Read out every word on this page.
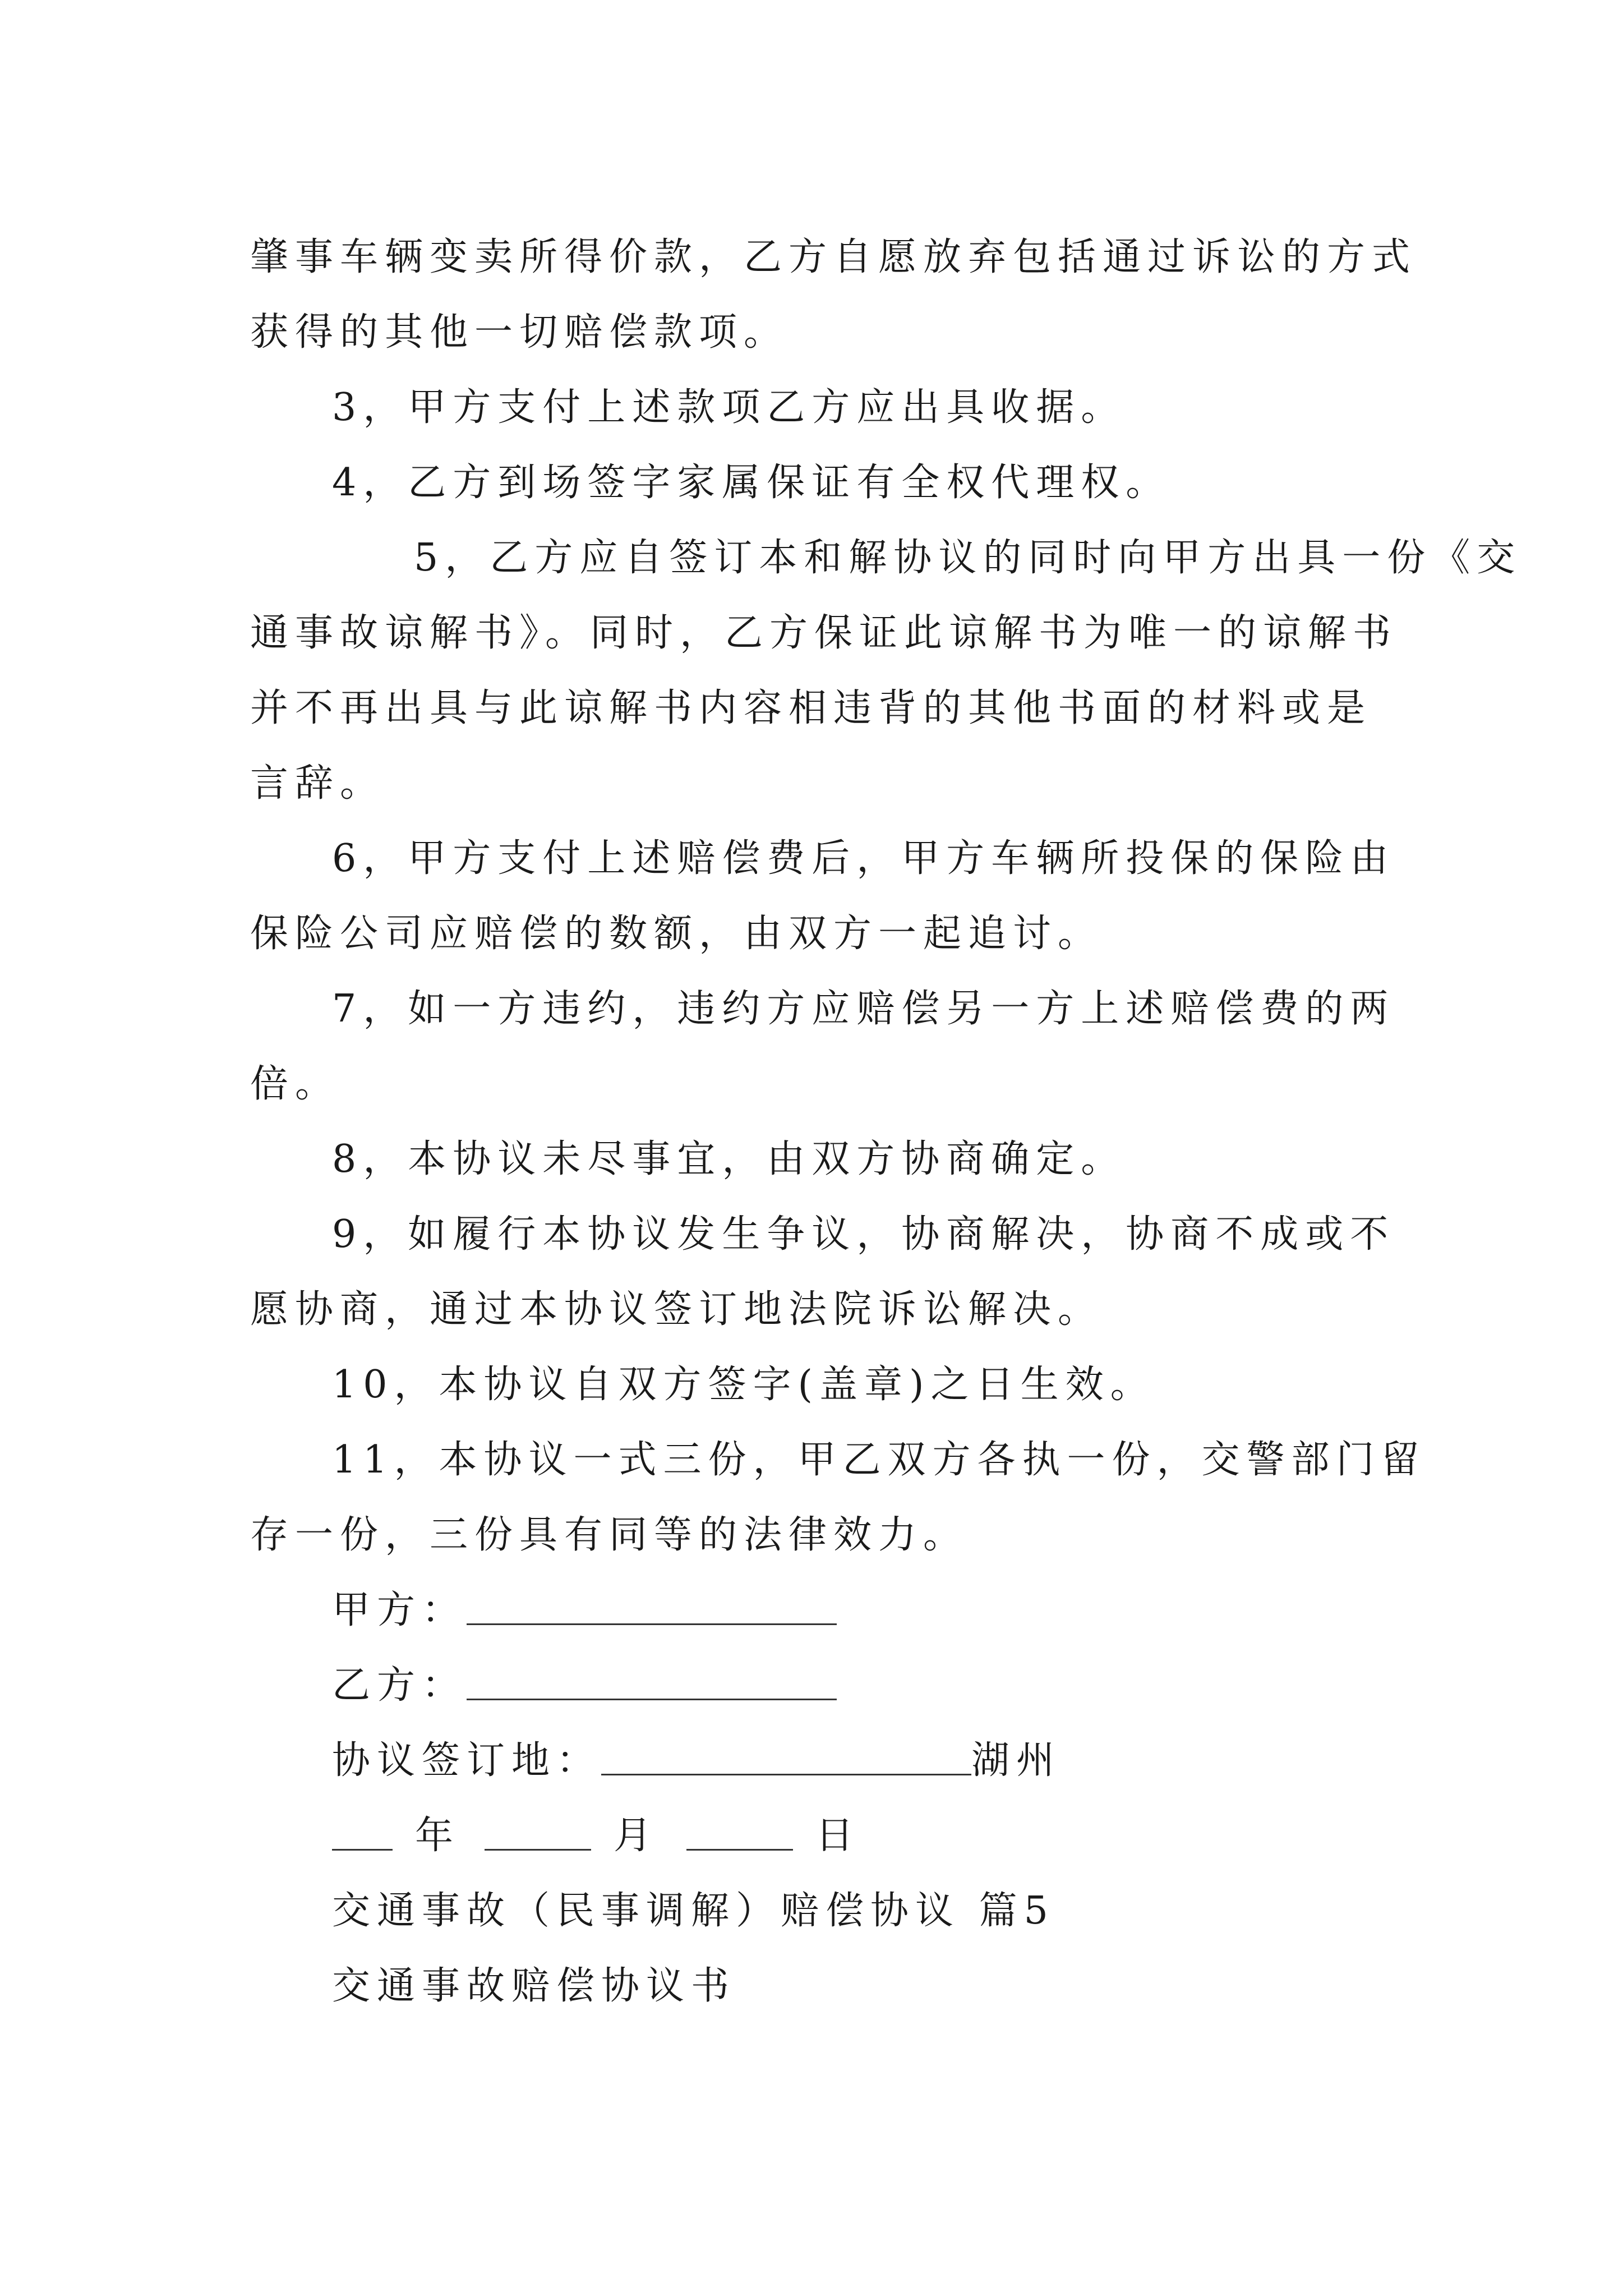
肇事车辆变卖所得价款，乙方自愿放弃包括通过诉讼的方式
获得的其他一切赔偿款项。

3，甲方支付上述款项乙方应出具收据。

4，乙方到场签字家属保证有全权代理权。

5，乙方应自签订本和解协议的同时向甲方出具一份《交
通事故谅解书》。同时，乙方保证此谅解书为唯一的谅解书
并不再出具与此谅解书内容相违背的其他书面的材料或是
言辞。

6，甲方支付上述赔偿费后，甲方车辆所投保的保险由
保险公司应赔偿的数额，由双方一起追讨。

7，如一方违约，违约方应赔偿另一方上述赔偿费的两
倍。

8，本协议未尽事宜，由双方协商确定。

9，如履行本协议发生争议，协商解决，协商不成或不
愿协商，通过本协议签订地法院诉讼解决。

10，本协议自双方签字(盖章)之日生效。

11，本协议一式三份，甲乙双方各执一份，交警部门留
存一份，三份具有同等的法律效力。

甲方：

乙方：

协议签订地：	湖州

年	月	日

交通事故（民事调解）赔偿协议 篇5

交通事故赔偿协议书
